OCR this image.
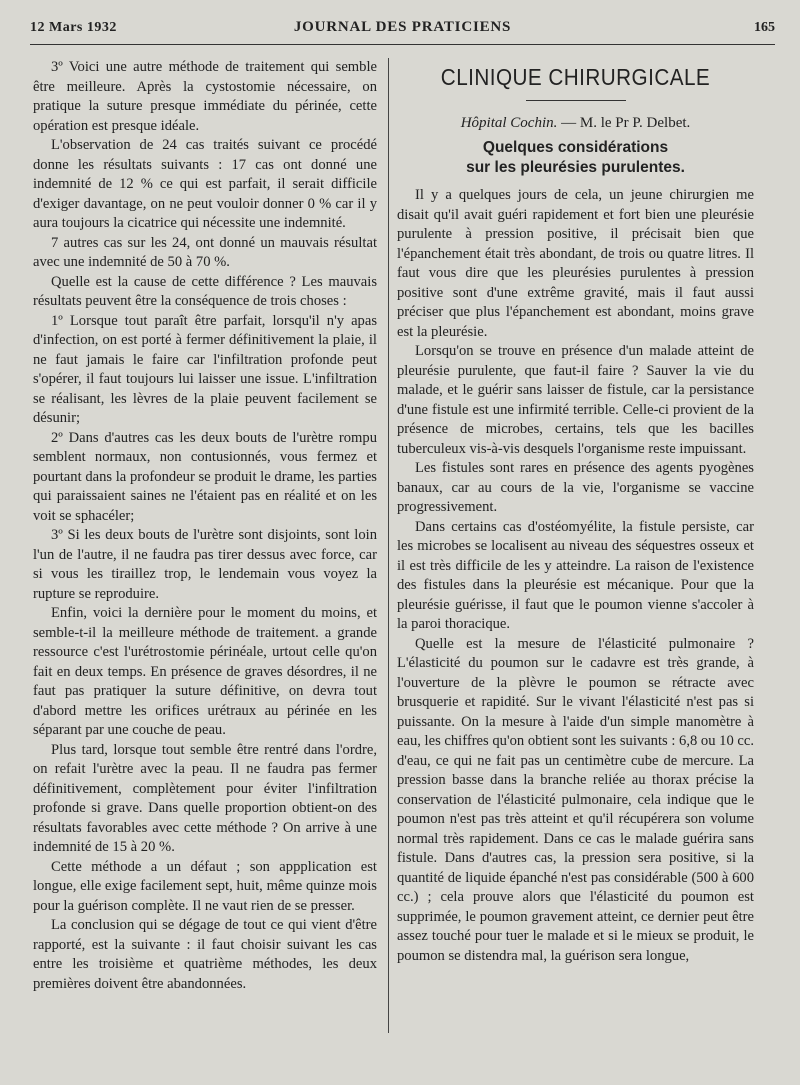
12 Mars 1932	JOURNAL DES PRATICIENS	165

3º Voici une autre méthode de traitement qui semble être meilleure. Après la cystostomie nécessaire, on pratique la suture presque immédiate du périnée, cette opération est presque idéale.

L'observation de 24 cas traités suivant ce procédé donne les résultats suivants : 17 cas ont donné une indemnité de 12 % ce qui est parfait, il serait difficile d'exiger davantage, on ne peut vouloir donner 0 % car il y aura toujours la cicatrice qui nécessite une indemnité.

7 autres cas sur les 24, ont donné un mauvais résultat avec une indemnité de 50 à 70 %.

Quelle est la cause de cette différence ? Les mauvais résultats peuvent être la conséquence de trois choses :

1º Lorsque tout paraît être parfait, lorsqu'il n'y apas d'infection, on est porté à fermer définitivement la plaie, il ne faut jamais le faire car l'infiltration profonde peut s'opérer, il faut toujours lui laisser une issue. L'infiltration se réalisant, les lèvres de la plaie peuvent facilement se désunir;

2º Dans d'autres cas les deux bouts de l'urètre rompu semblent normaux, non contusionnés, vous fermez et pourtant dans la profondeur se produit le drame, les parties qui paraissaient saines ne l'étaient pas en réalité et on les voit se sphacéler;

3º Si les deux bouts de l'urètre sont disjoints, sont loin l'un de l'autre, il ne faudra pas tirer dessus avec force, car si vous les tiraillez trop, le lendemain vous voyez la rupture se reproduire.

Enfin, voici la dernière pour le moment du moins, et semble-t-il la meilleure méthode de traitement. a grande ressource c'est l'urétrostomie périnéale, urtout celle qu'on fait en deux temps. En présence de graves désordres, il ne faut pas pratiquer la suture définitive, on devra tout d'abord mettre les orifices urétraux au périnée en les séparant par une couche de peau.

Plus tard, lorsque tout semble être rentré dans l'ordre, on refait l'urètre avec la peau. Il ne faudra pas fermer définitivement, complètement pour éviter l'infiltration profonde si grave. Dans quelle proportion obtient-on des résultats favorables avec cette méthode ? On arrive à une indemnité de 15 à 20 %.

Cette méthode a un défaut ; son appplication est longue, elle exige facilement sept, huit, même quinze mois pour la guérison complète. Il ne vaut rien de se presser.

La conclusion qui se dégage de tout ce qui vient d'être rapporté, est la suivante : il faut choisir suivant les cas entre les troisième et quatrième méthodes, les deux premières doivent être abandonnées.

CLINIQUE CHIRURGICALE
Hôpital Cochin. — M. le Pr P. Delbet.
Quelques considérations
sur les pleurésies purulentes.

Il y a quelques jours de cela, un jeune chirurgien me disait qu'il avait guéri rapidement et fort bien une pleurésie purulente à pression positive, il précisait bien que l'épanchement était très abondant, de trois ou quatre litres. Il faut vous dire que les pleurésies purulentes à pression positive sont d'une extrême gravité, mais il faut aussi préciser que plus l'épanchement est abondant, moins grave est la pleurésie.

Lorsqu'on se trouve en présence d'un malade atteint de pleurésie purulente, que faut-il faire ? Sauver la vie du malade, et le guérir sans laisser de fistule, car la persistance d'une fistule est une infirmité terrible. Celle-ci provient de la présence de microbes, certains, tels que les bacilles tuberculeux vis-à-vis desquels l'organisme reste impuissant.

Les fistules sont rares en présence des agents pyogènes banaux, car au cours de la vie, l'organisme se vaccine progressivement.

Dans certains cas d'ostéomyélite, la fistule persiste, car les microbes se localisent au niveau des séquestres osseux et il est très difficile de les y atteindre. La raison de l'existence des fistules dans la pleurésie est mécanique. Pour que la pleurésie guérisse, il faut que le poumon vienne s'accoler à la paroi thoracique.

Quelle est la mesure de l'élasticité pulmonaire ? L'élasticité du poumon sur le cadavre est très grande, à l'ouverture de la plèvre le poumon se rétracte avec brusquerie et rapidité. Sur le vivant l'élasticité n'est pas si puissante. On la mesure à l'aide d'un simple manomètre à eau, les chiffres qu'on obtient sont les suivants : 6,8 ou 10 cc. d'eau, ce qui ne fait pas un centimètre cube de mercure. La pression basse dans la branche reliée au thorax précise la conservation de l'élasticité pulmonaire, cela indique que le poumon n'est pas très atteint et qu'il récupérera son volume normal très rapidement. Dans ce cas le malade guérira sans fistule. Dans d'autres cas, la pression sera positive, si la quantité de liquide épanché n'est pas considérable (500 à 600 cc.) ; cela prouve alors que l'élasticité du poumon est supprimée, le poumon gravement atteint, ce dernier peut être assez touché pour tuer le malade et si le mieux se produit, le poumon se distendra mal, la guérison sera longue,
